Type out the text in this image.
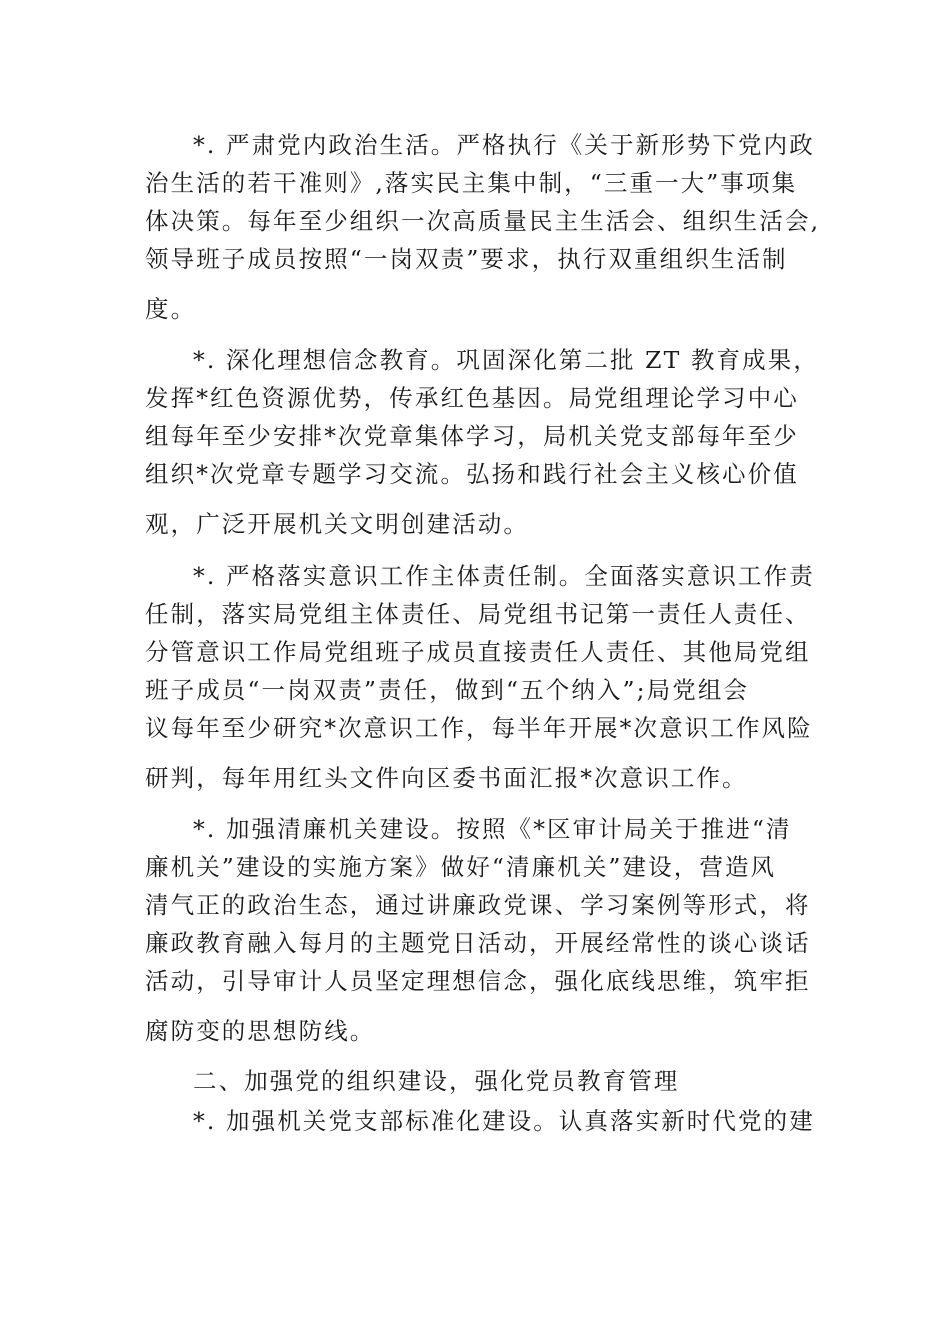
*. 严肃党内政治生活。严格执行《关于新形势下党内政
治生活的若干准则》,落实民主集中制，“三重一大”事项集
体决策。每年至少组织一次高质量民主生活会、组织生活会,
领导班子成员按照“一岗双责”要求，执行双重组织生活制
度。
*. 深化理想信念教育。巩固深化第二批 ZT 教育成果，
发挥*红色资源优势，传承红色基因。局党组理论学习中心
组每年至少安排*次党章集体学习，局机关党支部每年至少
组织*次党章专题学习交流。弘扬和践行社会主义核心价值
观，广泛开展机关文明创建活动。
*. 严格落实意识工作主体责任制。全面落实意识工作责
任制，落实局党组主体责任、局党组书记第一责任人责任、
分管意识工作局党组班子成员直接责任人责任、其他局党组
班子成员“一岗双责”责任，做到“五个纳入”;局党组会
议每年至少研究*次意识工作，每半年开展*次意识工作风险
研判，每年用红头文件向区委书面汇报*次意识工作。
*. 加强清廉机关建设。按照《*区审计局关于推进“清
廉机关”建设的实施方案》做好“清廉机关”建设，营造风
清气正的政治生态，通过讲廉政党课、学习案例等形式，将
廉政教育融入每月的主题党日活动，开展经常性的谈心谈话
活动，引导审计人员坚定理想信念，强化底线思维，筑牢拒
腐防变的思想防线。
二、加强党的组织建设，强化党员教育管理
*. 加强机关党支部标准化建设。认真落实新时代党的建
